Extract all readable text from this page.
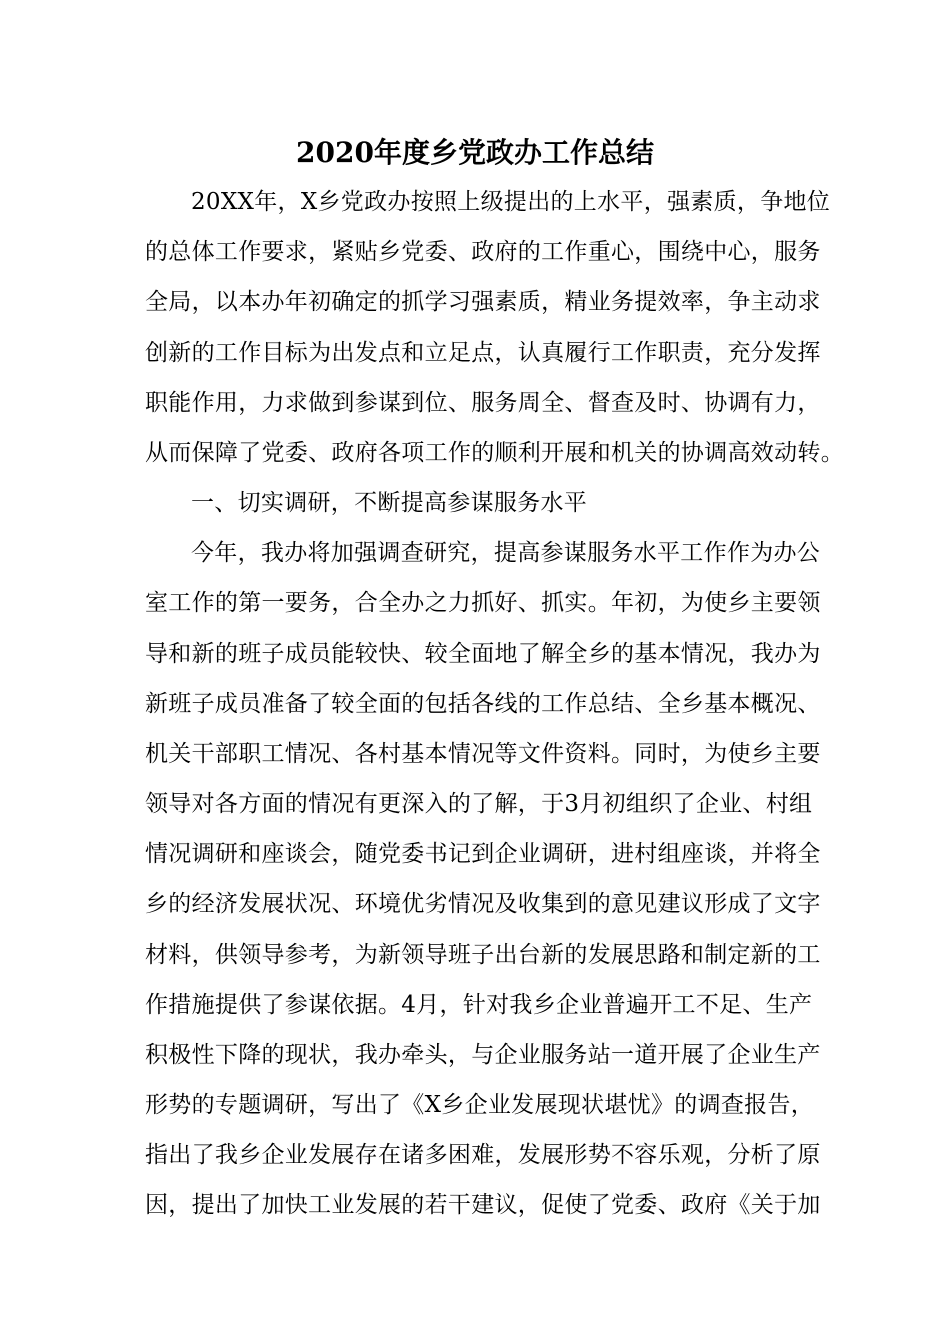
2020年度乡党政办工作总结
20XX年，X乡党政办按照上级提出的上水平，强素质，争地位
的总体工作要求，紧贴乡党委、政府的工作重心，围绕中心，服务
全局，以本办年初确定的抓学习强素质，精业务提效率，争主动求
创新的工作目标为出发点和立足点，认真履行工作职责，充分发挥
职能作用，力求做到参谋到位、服务周全、督查及时、协调有力，
从而保障了党委、政府各项工作的顺利开展和机关的协调高效动转。
一、切实调研，不断提高参谋服务水平
今年，我办将加强调查研究，提高参谋服务水平工作作为办公
室工作的第一要务，合全办之力抓好、抓实。年初，为使乡主要领
导和新的班子成员能较快、较全面地了解全乡的基本情况，我办为
新班子成员准备了较全面的包括各线的工作总结、全乡基本概况、
机关干部职工情况、各村基本情况等文件资料。同时，为使乡主要
领导对各方面的情况有更深入的了解，于3月初组织了企业、村组
情况调研和座谈会，随党委书记到企业调研，进村组座谈，并将全
乡的经济发展状况、环境优劣情况及收集到的意见建议形成了文字
材料，供领导参考，为新领导班子出台新的发展思路和制定新的工
作措施提供了参谋依据。4月，针对我乡企业普遍开工不足、生产
积极性下降的现状，我办牵头，与企业服务站一道开展了企业生产
形势的专题调研，写出了《X乡企业发展现状堪忧》的调查报告，
指出了我乡企业发展存在诸多困难，发展形势不容乐观，分析了原
因，提出了加快工业发展的若干建议，促使了党委、政府《关于加
